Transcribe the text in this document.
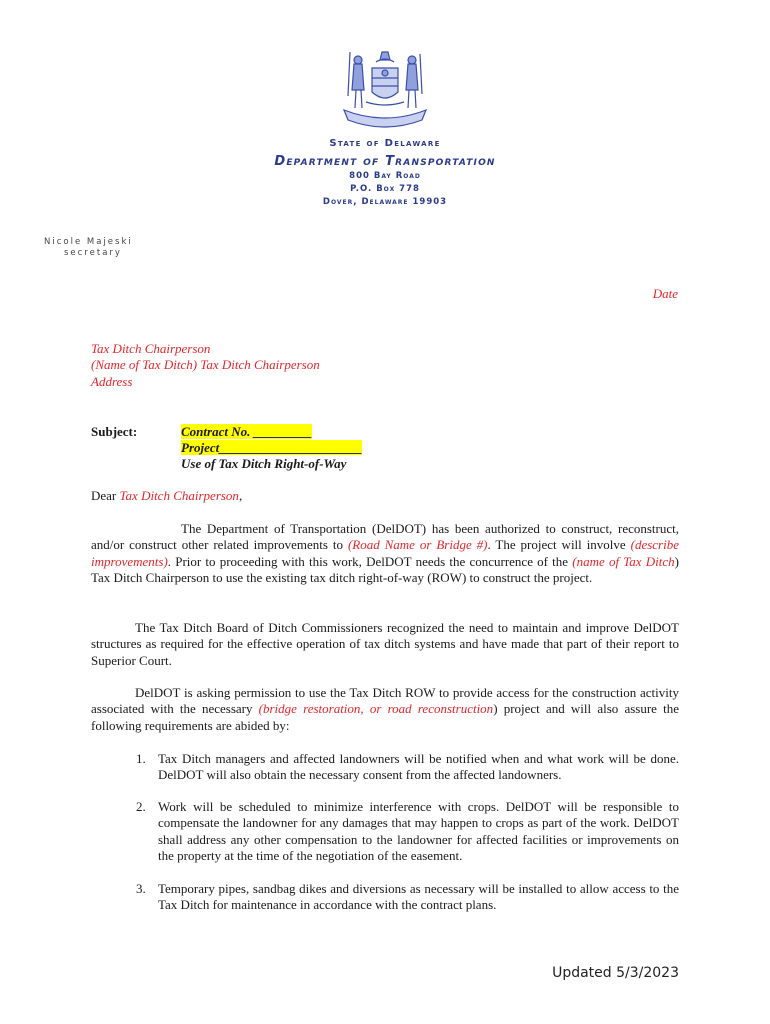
State of Delaware
Department of Transportation
800 Bay Road
P.O. Box 778
Dover, Delaware 19903
Nicole Majeski
secretary
Date
Tax Ditch Chairperson
(Name of Tax Ditch) Tax Ditch Chairperson
Address
Subject:	Contract No. _________
Project______________________
Use of Tax Ditch Right-of-Way
Dear Tax Ditch Chairperson,
The Department of Transportation (DelDOT) has been authorized to construct, reconstruct, and/or construct other related improvements to (Road Name or Bridge #). The project will involve (describe improvements). Prior to proceeding with this work, DelDOT needs the concurrence of the (name of Tax Ditch) Tax Ditch Chairperson to use the existing tax ditch right-of-way (ROW) to construct the project.
The Tax Ditch Board of Ditch Commissioners recognized the need to maintain and improve DelDOT structures as required for the effective operation of tax ditch systems and have made that part of their report to Superior Court.
DelDOT is asking permission to use the Tax Ditch ROW to provide access for the construction activity associated with the necessary (bridge restoration, or road reconstruction) project and will also assure the following requirements are abided by:
1. Tax Ditch managers and affected landowners will be notified when and what work will be done. DelDOT will also obtain the necessary consent from the affected landowners.
2. Work will be scheduled to minimize interference with crops. DelDOT will be responsible to compensate the landowner for any damages that may happen to crops as part of the work. DelDOT shall address any other compensation to the landowner for affected facilities or improvements on the property at the time of the negotiation of the easement.
3. Temporary pipes, sandbag dikes and diversions as necessary will be installed to allow access to the Tax Ditch for maintenance in accordance with the contract plans.
Updated 5/3/2023
